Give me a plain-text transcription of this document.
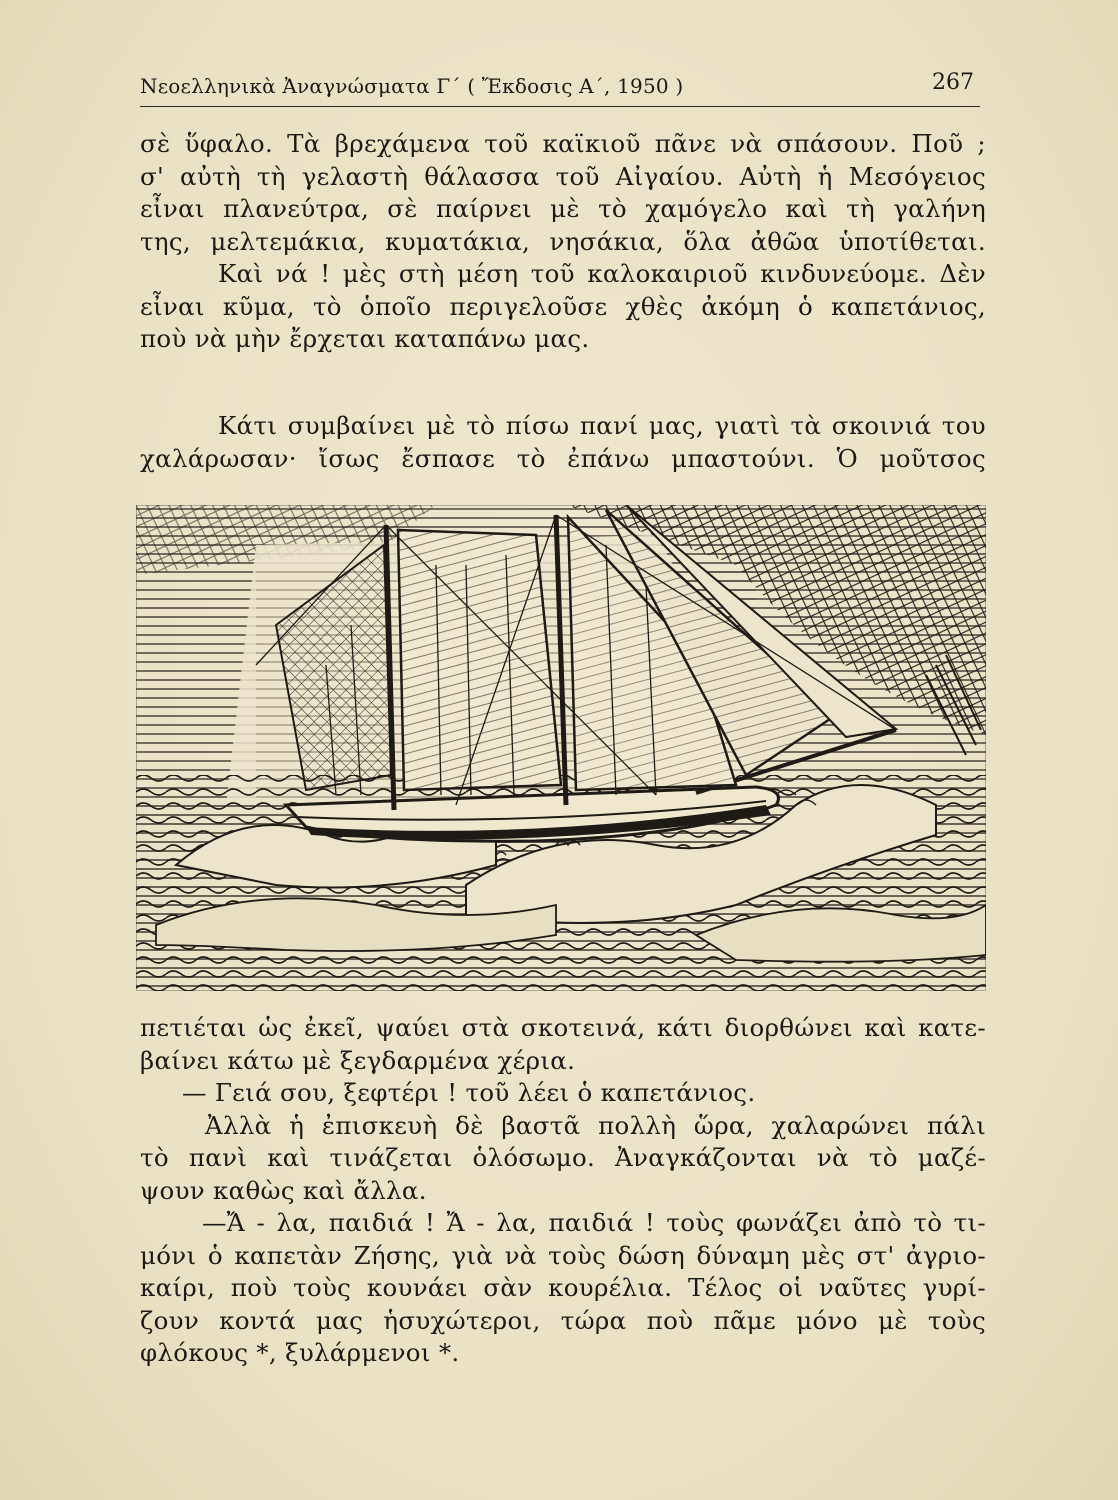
Νεοελληνικὰ Ἀναγνώσματα Γ΄ ( Ἔκδοσις Α΄, 1950 )	267
σὲ ὕφαλο. Τὰ βρεχάμενα τοῦ καϊκιοῦ πᾶνε νὰ σπάσουν. Ποῦ ;
σ' αὐτὴ τὴ γελαστὴ θάλασσα τοῦ Αἰγαίου. Αὐτὴ ἡ Μεσόγειος
εἶναι πλανεύτρα, σὲ παίρνει μὲ τὸ χαμόγελο καὶ τὴ γαλήνη
της, μελτεμάκια, κυματάκια, νησάκια, ὅλα ἀθῶα ὑποτίθεται.
Καὶ νά ! μὲς στὴ μέση τοῦ καλοκαιριοῦ κινδυνεύομε. Δὲν
εἶναι κῦμα, τὸ ὁποῖο περιγελοῦσε χθὲς ἀκόμη ὁ καπετάνιος,
ποὺ νὰ μὴν ἔρχεται καταπάνω μας.
Κάτι συμβαίνει μὲ τὸ πίσω πανί μας, γιατὶ τὰ σκοινιά του
χαλάρωσαν· ἴσως ἔσπασε τὸ ἐπάνω μπαστούνι. Ὁ μοῦτσος
πετιέται ὡς ἐκεῖ, ψαύει στὰ σκοτεινά, κάτι διορθώνει καὶ κατε-
βαίνει κάτω μὲ ξεγδαρμένα χέρια.
— Γειά σου, ξεφτέρι ! τοῦ λέει ὁ καπετάνιος.
Ἀλλὰ ἡ ἐπισκευὴ δὲ βαστᾶ πολλὴ ὥρα, χαλαρώνει πάλι
τὸ πανὶ καὶ τινάζεται ὁλόσωμο. Ἀναγκάζονται νὰ τὸ μαζέ-
ψουν καθὼς καὶ ἄλλα.
—Ἄ - λα, παιδιά ! Ἄ - λα, παιδιά ! τοὺς φωνάζει ἀπὸ τὸ τι-
μόνι ὁ καπετὰν Ζήσης, γιὰ νὰ τοὺς δώση δύναμη μὲς στ' ἀγριο-
καίρι, ποὺ τοὺς κουνάει σὰν κουρέλια. Τέλος οἱ ναῦτες γυρί-
ζουν κοντά μας ἡσυχώτεροι, τώρα ποὺ πᾶμε μόνο μὲ τοὺς
φλόκους *, ξυλάρμενοι *.
